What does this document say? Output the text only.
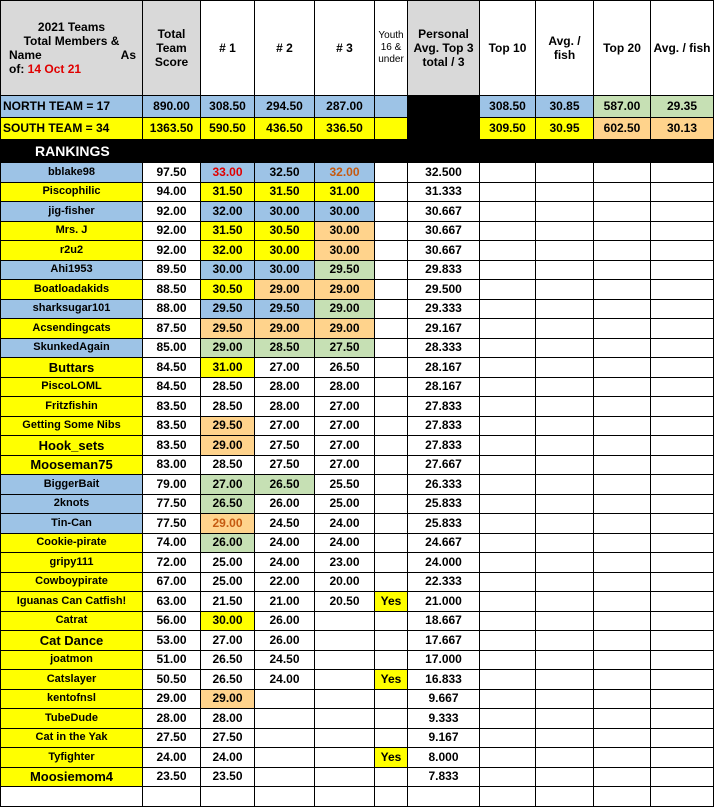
2021 Teams
Total Members &
Name As
of: 14 Oct 21	Total Team Score	# 1	# 2	# 3	Youth 16 & under	Personal Avg. Top 3 total / 3	Top 10	Avg. / fish	Top 20	Avg. / fish
NORTH TEAM = 17	890.00	308.50	294.50	287.00			308.50	30.85	587.00	29.35
SOUTH TEAM = 34	1363.50	590.50	436.50	336.50			309.50	30.95	602.50	30.13
RANKINGS										
bblake98	97.50	33.00	32.50	32.00		32.500				
Piscophilic	94.00	31.50	31.50	31.00		31.333				
jig-fisher	92.00	32.00	30.00	30.00		30.667				
Mrs. J	92.00	31.50	30.50	30.00		30.667				
r2u2	92.00	32.00	30.00	30.00		30.667				
Ahi1953	89.50	30.00	30.00	29.50		29.833				
Boatloadakids	88.50	30.50	29.00	29.00		29.500				
sharksugar101	88.00	29.50	29.50	29.00		29.333				
Acsendingcats	87.50	29.50	29.00	29.00		29.167				
SkunkedAgain	85.00	29.00	28.50	27.50		28.333				
Buttars	84.50	31.00	27.00	26.50		28.167				
PiscoLOML	84.50	28.50	28.00	28.00		28.167				
Fritzfishin	83.50	28.50	28.00	27.00		27.833				
Getting Some Nibs	83.50	29.50	27.00	27.00		27.833				
Hook_sets	83.50	29.00	27.50	27.00		27.833				
Mooseman75	83.00	28.50	27.50	27.00		27.667				
BiggerBait	79.00	27.00	26.50	25.50		26.333				
2knots	77.50	26.50	26.00	25.00		25.833				
Tin-Can	77.50	29.00	24.50	24.00		25.833				
Cookie-pirate	74.00	26.00	24.00	24.00		24.667				
gripy111	72.00	25.00	24.00	23.00		24.000				
Cowboypirate	67.00	25.00	22.00	20.00		22.333				
Iguanas Can Catfish!	63.00	21.50	21.00	20.50	Yes	21.000				
Catrat	56.00	30.00	26.00			18.667				
Cat Dance	53.00	27.00	26.00			17.667				
joatmon	51.00	26.50	24.50			17.000				
Catslayer	50.50	26.50	24.00		Yes	16.833				
kentofnsl	29.00	29.00				9.667				
TubeDude	28.00	28.00				9.333				
Cat in the Yak	27.50	27.50				9.167				
Tyfighter	24.00	24.00			Yes	8.000				
Moosiemom4	23.50	23.50				7.833				
